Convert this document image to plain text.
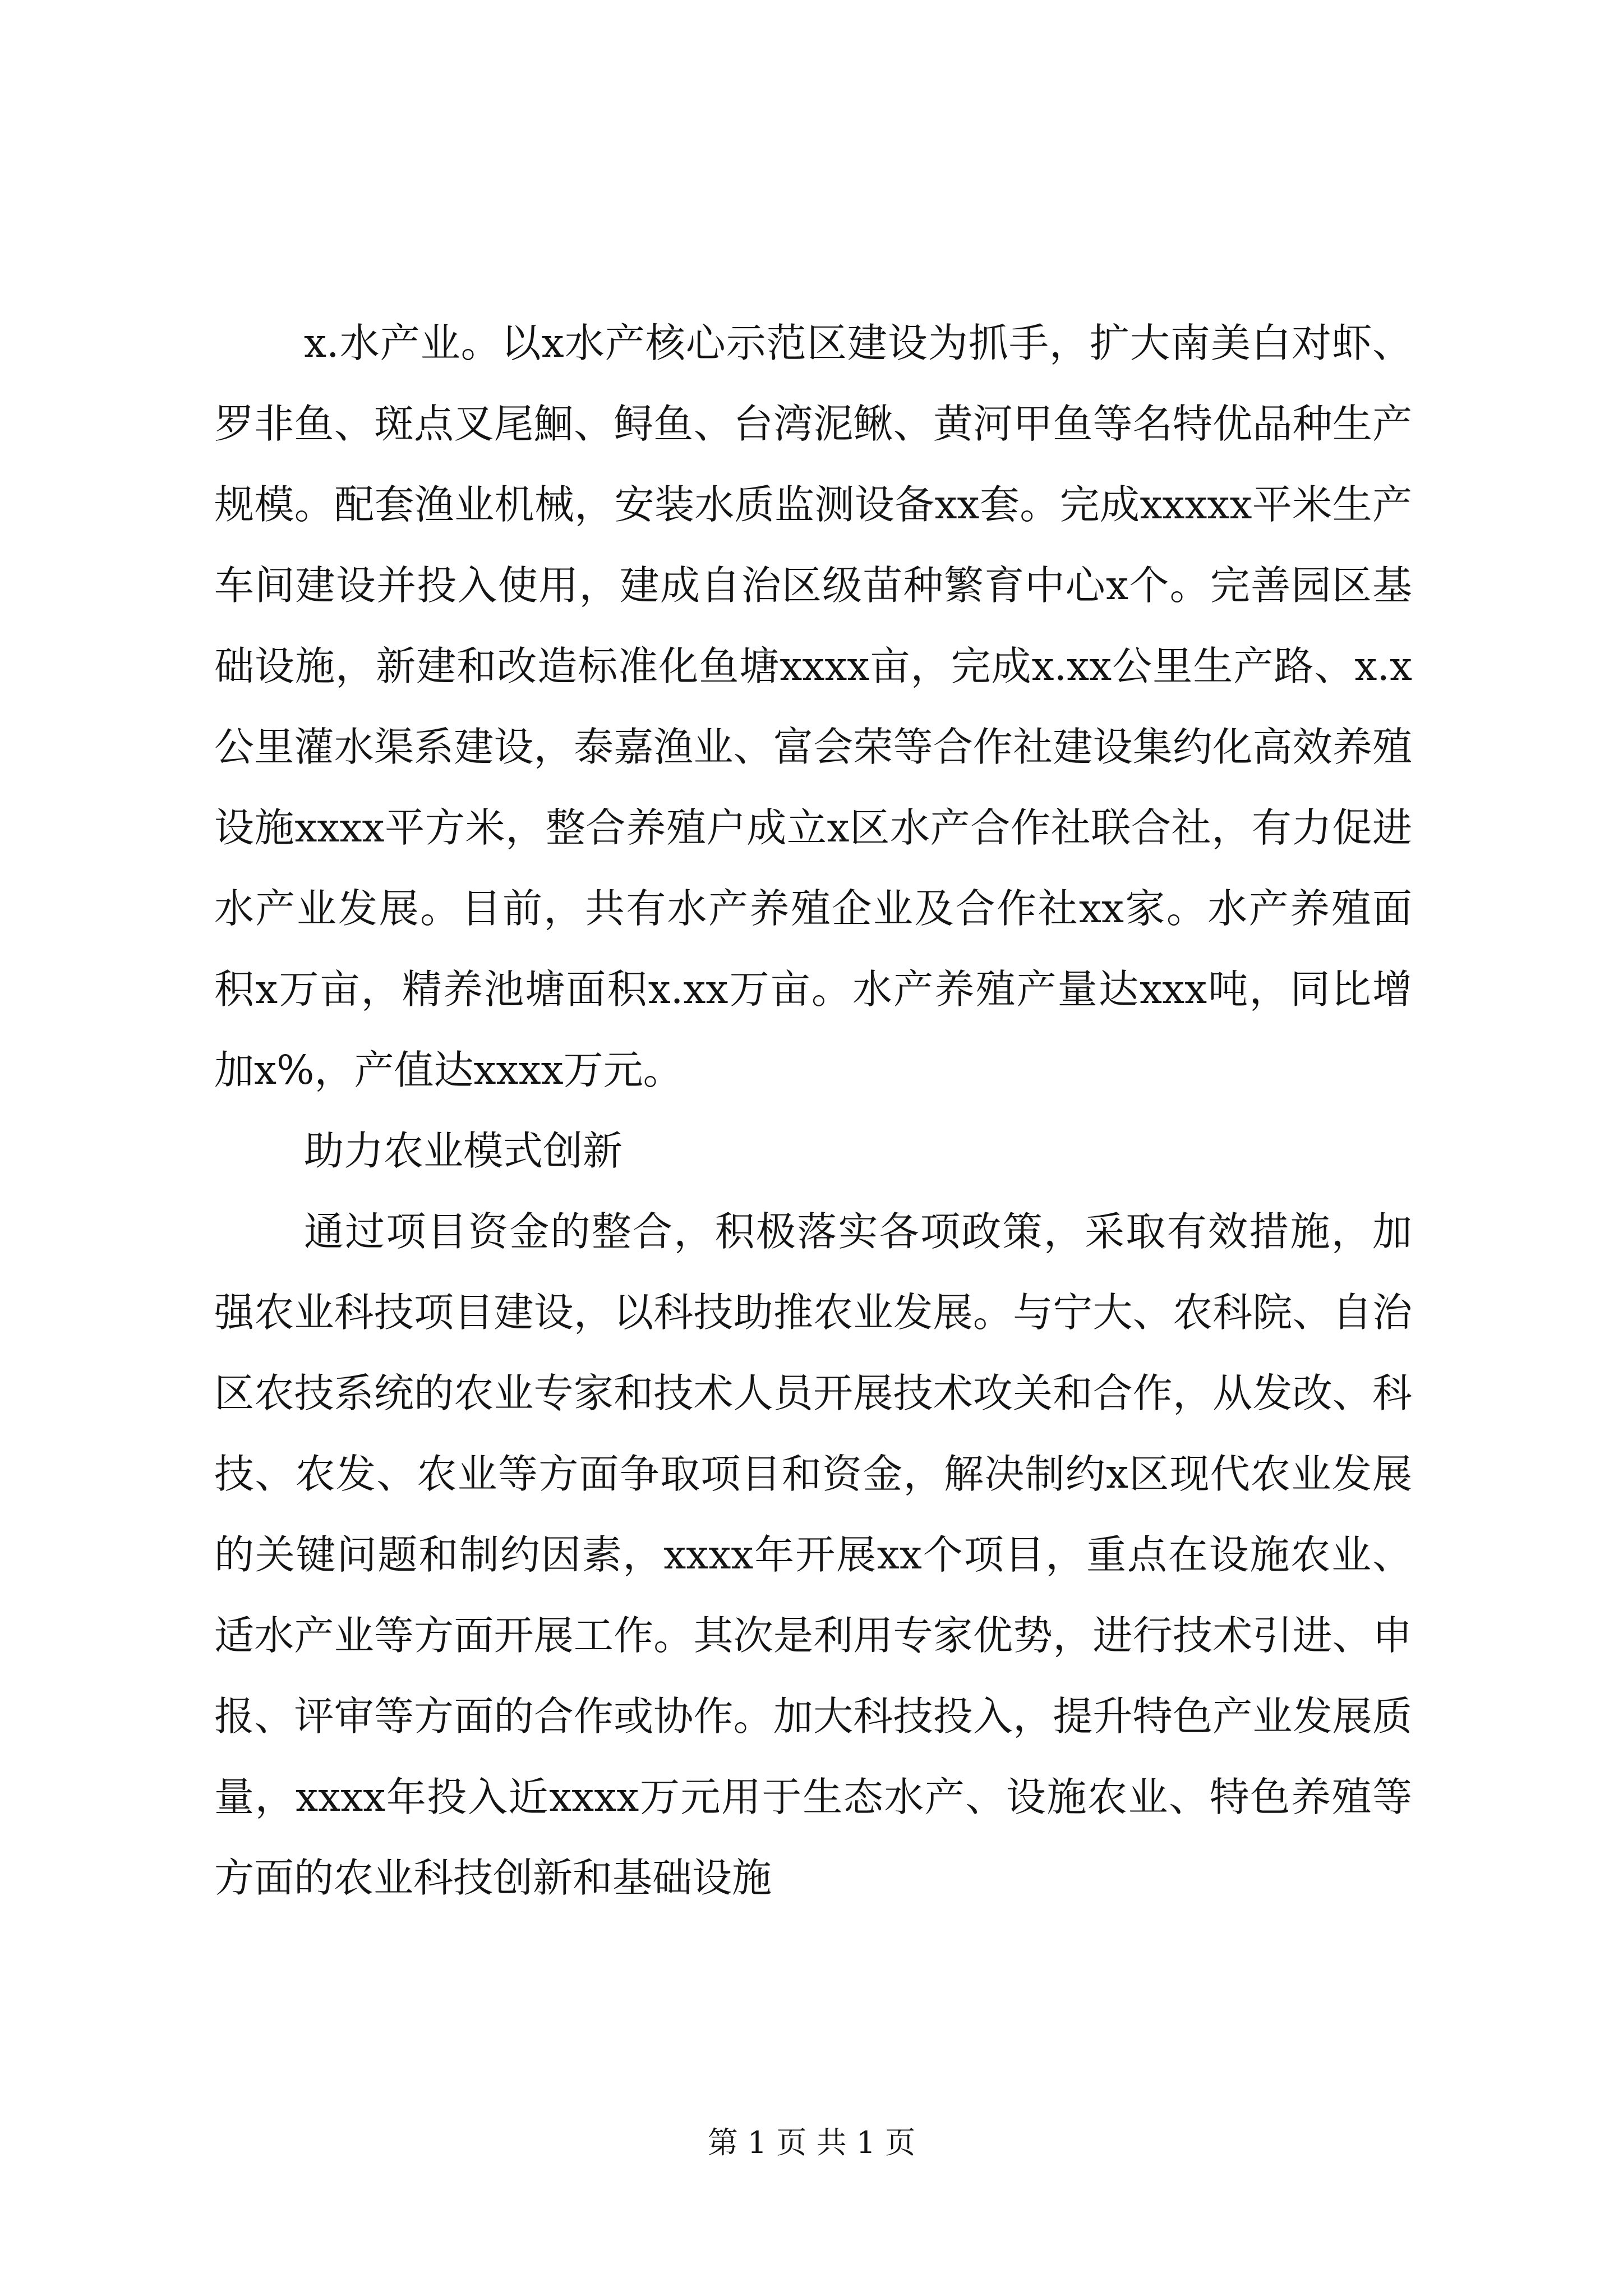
x.水产业。以x水产核心示范区建设为抓手，扩大南美白对虾、罗非鱼、斑点叉尾鮰、鲟鱼、台湾泥鳅、黄河甲鱼等名特优品种生产规模。配套渔业机械，安装水质监测设备xx套。完成xxxxx平米生产车间建设并投入使用，建成自治区级苗种繁育中心x个。完善园区基础设施，新建和改造标准化鱼塘xxxx亩，完成x.xx公里生产路、x.x公里灌水渠系建设，泰嘉渔业、富会荣等合作社建设集约化高效养殖设施xxxx平方米，整合养殖户成立x区水产合作社联合社，有力促进水产业发展。目前，共有水产养殖企业及合作社xx家。水产养殖面积x万亩，精养池塘面积x.xx万亩。水产养殖产量达xxx吨，同比增加x%，产值达xxxx万元。

助力农业模式创新

通过项目资金的整合，积极落实各项政策，采取有效措施，加强农业科技项目建设，以科技助推农业发展。与宁大、农科院、自治区农技系统的农业专家和技术人员开展技术攻关和合作，从发改、科技、农发、农业等方面争取项目和资金，解决制约x区现代农业发展的关键问题和制约因素，xxxx年开展xx个项目，重点在设施农业、适水产业等方面开展工作。其次是利用专家优势，进行技术引进、申报、评审等方面的合作或协作。加大科技投入，提升特色产业发展质量，xxxx年投入近xxxx万元用于生态水产、设施农业、特色养殖等方面的农业科技创新和基础设施

第 1 页 共 1 页
